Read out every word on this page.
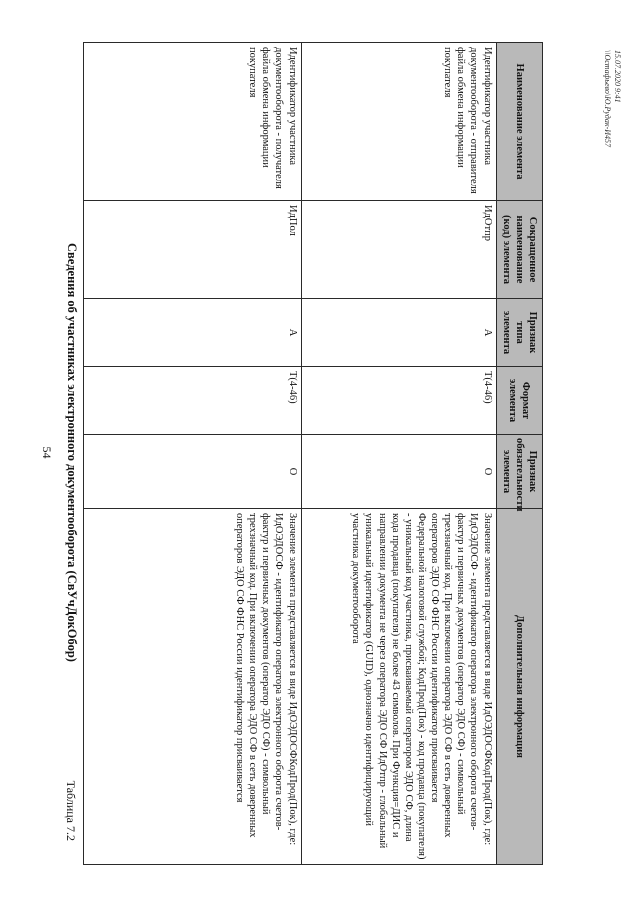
54
Таблица 7.2
Сведения об участниках электронного документооборота (СвУчДокОбор)
Наименование элемента	Сокращенное наименование (код) элемента	Признак типа элемента	Формат элемента	Признак обязательности элемента	Дополнительная информация
Идентификатор участника документооборота - отправителя файла обмена информации покупателя	ИдОтпр	А	Т(4-46)	О	Значение элемента представляется в виде ИдОЭДОСФКодПрод(Пок), где: ИдОЭДОСФ - идентификатор оператора электронного оборота счетов-фактур и первичных документов (оператор ЭДО СФ) - символьный трехзначный код. При включении оператора ЭДО СФ в сеть доверенных операторов ЭДО СФ ФНС России идентификатор присваивается Федеральной налоговой службой; КодПрод(Пок) - код продавца (покупателя) - уникальный код участника, присваиваемый оператором ЭДО СФ, длина кода продавца (покупателя) не более 43 символов. При Функция=ДИС и направлении документа не через оператора ЭДО СФ ИдОтпр - глобальный уникальный идентификатор (GUID), однозначно идентифицирующий участника документооборота
Идентификатор участника документооборота - получателя файла обмена информации покупателя	ИдПол	А	Т(4-46)	О	Значение элемента представляется в виде ИдОЭДОСФКодПрод(Пок), где: ИдОЭДОСФ - идентификатор оператора электронного оборота счетов-фактур и первичных документов (оператор ЭДО СФ) - символьный трехзначный код. При включении оператора ЭДО СФ в сеть доверенных операторов ЭДО СФ ФНС России идентификатор присваивается
15.07.2020 9:41
\\Остафьево\Ю.Рудак-И457
